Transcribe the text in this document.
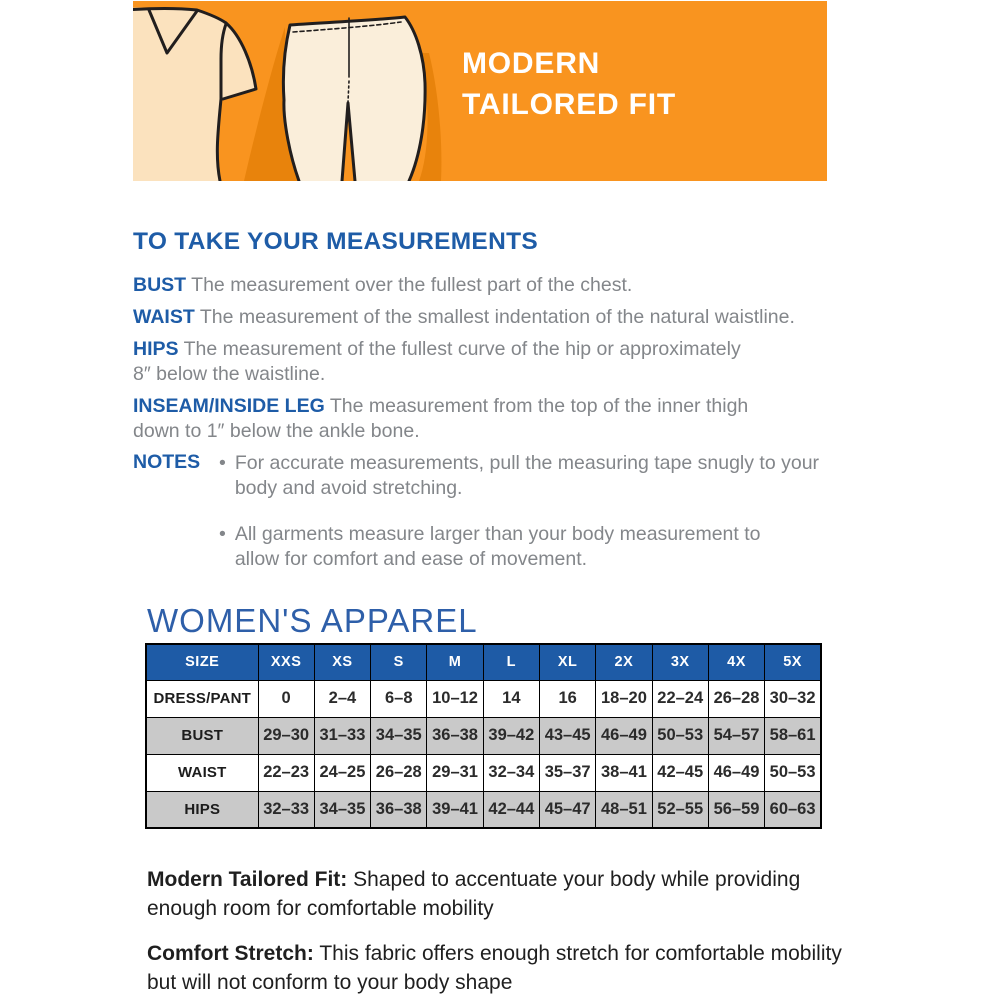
MODERN
TAILORED FIT
TO TAKE YOUR MEASUREMENTS

BUST The measurement over the fullest part of the chest.

WAIST The measurement of the smallest indentation of the natural waistline.

HIPS The measurement of the fullest curve of the hip or approximately
8″ below the waistline.

INSEAM/INSIDE LEG The measurement from the top of the inner thigh
down to 1″ below the ankle bone.

NOTES • For accurate measurements, pull the measuring tape snugly to your
body and avoid stretching.
• All garments measure larger than your body measurement to
allow for comfort and ease of movement.
WOMEN'S APPAREL
SIZE	XXS	XS	S	M	L	XL	2X	3X	4X	5X
DRESS/PANT	0	2–4	6–8	10–12	14	16	18–20	22–24	26–28	30–32
BUST	29–30	31–33	34–35	36–38	39–42	43–45	46–49	50–53	54–57	58–61
WAIST	22–23	24–25	26–28	29–31	32–34	35–37	38–41	42–45	46–49	50–53
HIPS	32–33	34–35	36–38	39–41	42–44	45–47	48–51	52–55	56–59	60–63

Modern Tailored Fit: Shaped to accentuate your body while providing
enough room for comfortable mobility

Comfort Stretch: This fabric offers enough stretch for comfortable mobility
but will not conform to your body shape
